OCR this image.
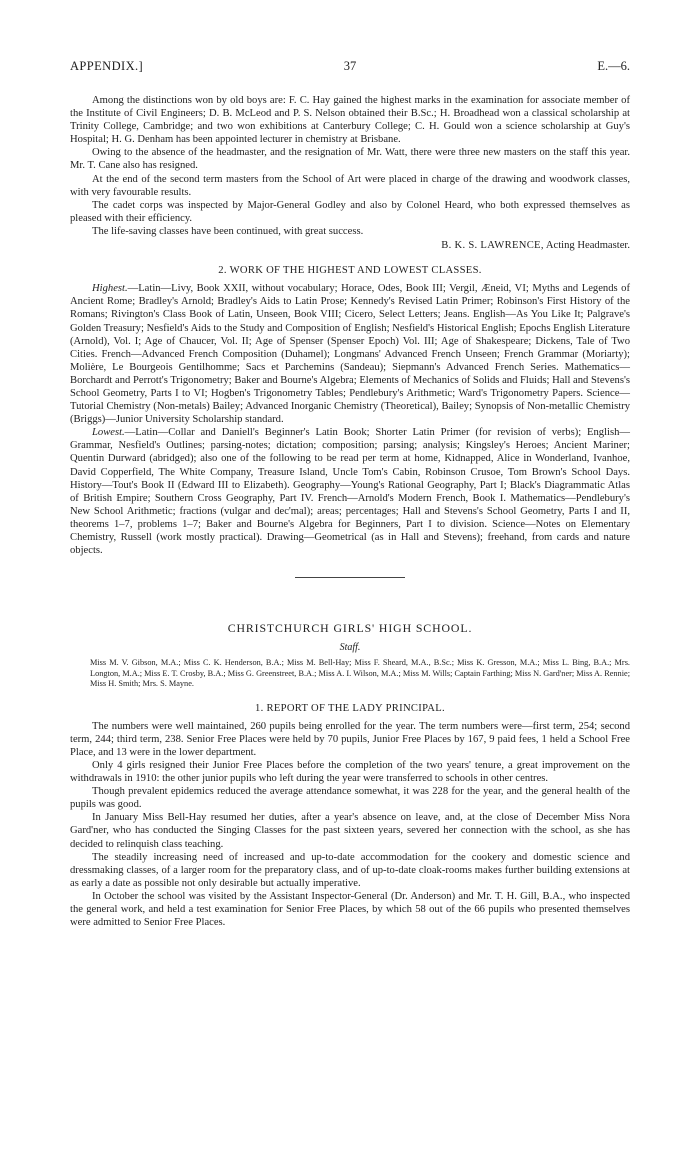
APPENDIX.]	37	E.—6.

Among the distinctions won by old boys are: F. C. Hay gained the highest marks in the examination for associate member of the Institute of Civil Engineers; D. B. McLeod and P. S. Nelson obtained their B.Sc.; H. Broadhead won a classical scholarship at Trinity College, Cambridge; and two won exhibitions at Canterbury College; C. H. Gould won a science scholarship at Guy's Hospital; H. G. Denham has been appointed lecturer in chemistry at Brisbane.

Owing to the absence of the headmaster, and the resignation of Mr. Watt, there were three new masters on the staff this year. Mr. T. Cane also has resigned.

At the end of the second term masters from the School of Art were placed in charge of the drawing and woodwork classes, with very favourable results.

The cadet corps was inspected by Major-General Godley and also by Colonel Heard, who both expressed themselves as pleased with their efficiency.

The life-saving classes have been continued, with great success.

B. K. S. LAWRENCE, Acting Headmaster.
2. WORK OF THE HIGHEST AND LOWEST CLASSES.

Highest.—Latin—Livy, Book XXII, without vocabulary; Horace, Odes, Book III; Vergil, Æneid, VI; Myths and Legends of Ancient Rome; Bradley's Arnold; Bradley's Aids to Latin Prose; Kennedy's Revised Latin Primer; Robinson's First History of the Romans; Rivington's Class Book of Latin, Unseen, Book VIII; Cicero, Select Letters; Jeans. English—As You Like It; Palgrave's Golden Treasury; Nesfield's Aids to the Study and Composition of English; Nesfield's Historical English; Epochs English Literature (Arnold), Vol. I; Age of Chaucer, Vol. II; Age of Spenser (Spenser Epoch) Vol. III; Age of Shakespeare; Dickens, Tale of Two Cities. French—Advanced French Composition (Duhamel); Longmans' Advanced French Unseen; French Grammar (Moriarty); Molière, Le Bourgeois Gentilhomme; Sacs et Parchemins (Sandeau); Siepmann's Advanced French Series. Mathematics—Borchardt and Perrott's Trigonometry; Baker and Bourne's Algebra; Elements of Mechanics of Solids and Fluids; Hall and Stevens's School Geometry, Parts I to VI; Hogben's Trigonometry Tables; Pendlebury's Arithmetic; Ward's Trigonometry Papers. Science—Tutorial Chemistry (Non-metals) Bailey; Advanced Inorganic Chemistry (Theoretical), Bailey; Synopsis of Non-metallic Chemistry (Briggs)—Junior University Scholarship standard.

Lowest.—Latin—Collar and Daniell's Beginner's Latin Book; Shorter Latin Primer (for revision of verbs); English—Grammar, Nesfield's Outlines; parsing-notes; dictation; composition; parsing; analysis; Kingsley's Heroes; Ancient Mariner; Quentin Durward (abridged); also one of the following to be read per term at home, Kidnapped, Alice in Wonderland, Ivanhoe, David Copperfield, The White Company, Treasure Island, Uncle Tom's Cabin, Robinson Crusoe, Tom Brown's School Days. History—Tout's Book II (Edward III to Elizabeth). Geography—Young's Rational Geography, Part I; Black's Diagrammatic Atlas of British Empire; Southern Cross Geography, Part IV. French—Arnold's Modern French, Book I. Mathematics—Pendlebury's New School Arithmetic; fractions (vulgar and dec'mal); areas; percentages; Hall and Stevens's School Geometry, Parts I and II, theorems 1–7, problems 1–7; Baker and Bourne's Algebra for Beginners, Part I to division. Science—Notes on Elementary Chemistry, Russell (work mostly practical). Drawing—Geometrical (as in Hall and Stevens); freehand, from cards and nature objects.

CHRISTCHURCH GIRLS' HIGH SCHOOL.
Staff.

Miss M. V. Gibson, M.A.; Miss C. K. Henderson, B.A.; Miss M. Bell-Hay; Miss F. Sheard, M.A., B.Sc.; Miss K. Gresson, M.A.; Miss L. Bing, B.A.; Mrs. Longton, M.A.; Miss E. T. Crosby, B.A.; Miss G. Greenstreet, B.A.; Miss A. I. Wilson, M.A.; Miss M. Wills; Captain Farthing; Miss N. Gard'ner; Miss A. Rennie; Miss H. Smith; Mrs. S. Mayne.

1. REPORT OF THE LADY PRINCIPAL.

The numbers were well maintained, 260 pupils being enrolled for the year. The term numbers were—first term, 254; second term, 244; third term, 238. Senior Free Places were held by 70 pupils, Junior Free Places by 167, 9 paid fees, 1 held a School Free Place, and 13 were in the lower department.

Only 4 girls resigned their Junior Free Places before the completion of the two years' tenure, a great improvement on the withdrawals in 1910: the other junior pupils who left during the year were transferred to schools in other centres.

Though prevalent epidemics reduced the average attendance somewhat, it was 228 for the year, and the general health of the pupils was good.

In January Miss Bell-Hay resumed her duties, after a year's absence on leave, and, at the close of December Miss Nora Gard'ner, who has conducted the Singing Classes for the past sixteen years, severed her connection with the school, as she has decided to relinquish class teaching.

The steadily increasing need of increased and up-to-date accommodation for the cookery and domestic science and dressmaking classes, of a larger room for the preparatory class, and of up-to-date cloak-rooms makes further building extensions at as early a date as possible not only desirable but actually imperative.

In October the school was visited by the Assistant Inspector-General (Dr. Anderson) and Mr. T. H. Gill, B.A., who inspected the general work, and held a test examination for Senior Free Places, by which 58 out of the 66 pupils who presented themselves were admitted to Senior Free Places.
